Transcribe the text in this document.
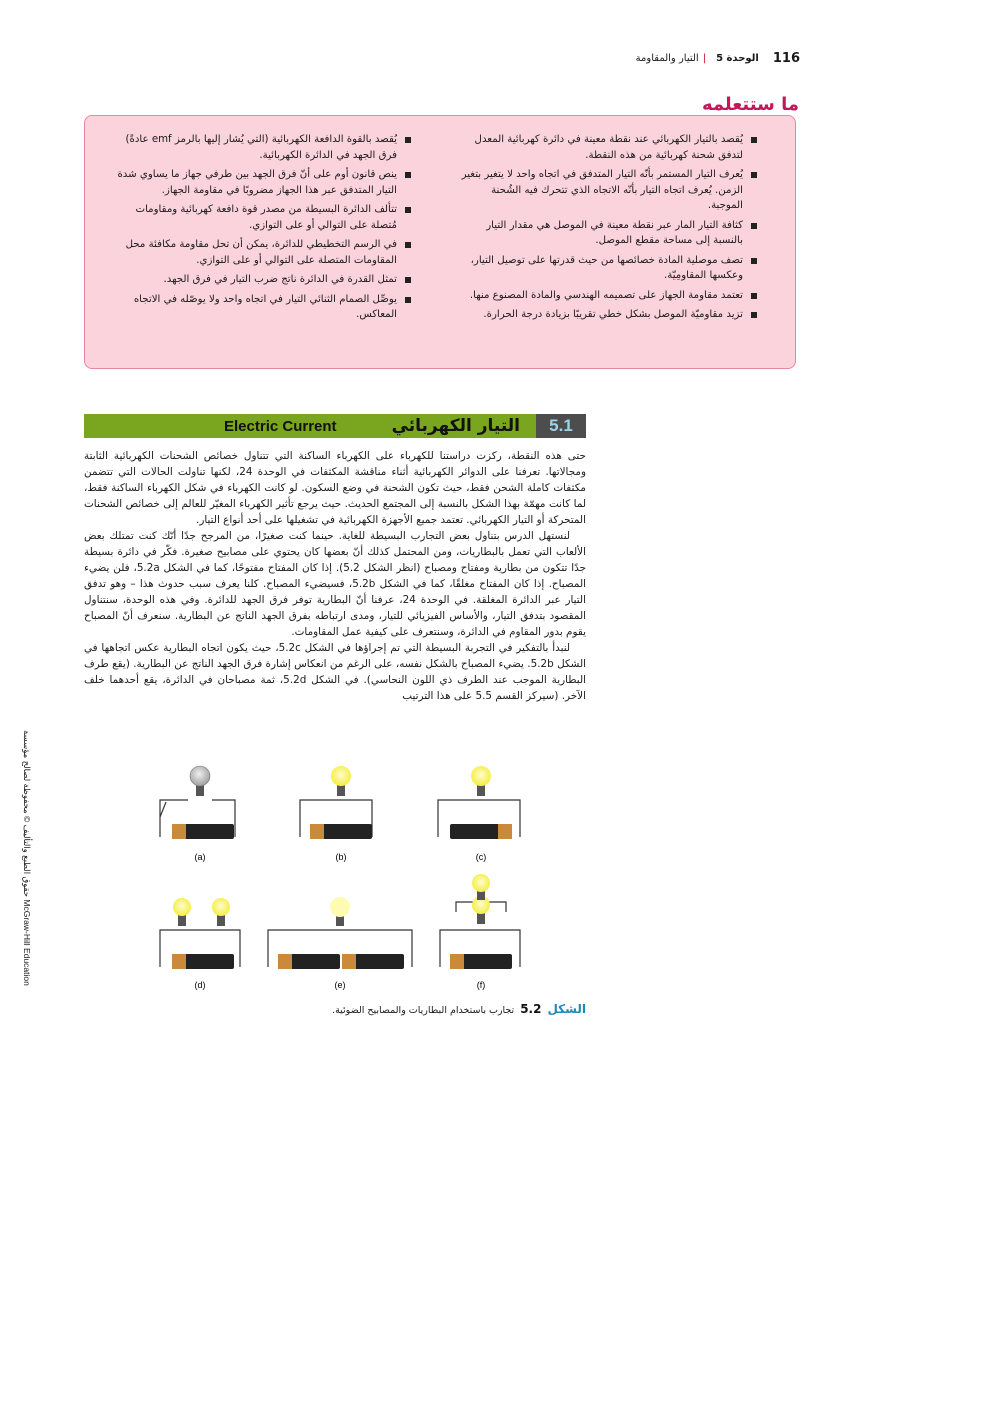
116
الوحدة 5
|
التيار والمقاومة
ما ستتعلمه
يُقصد بالتيار الكهربائي عند نقطة معينة في دائرة كهربائية المعدل لتدفق شحنة كهربائية من هذه النقطة.
يُعرف التيار المستمر بأنّه التيار المتدفق في اتجاه واحد لا يتغير بتغير الزمن. يُعرف اتجاه التيار بأنّه الاتجاه الذي تتحرك فيه الشُحنة الموجبة.
كثافة التيار المار عبر نقطة معينة في الموصل هي مقدار التيار بالنسبة إلى مساحة مقطع الموصل.
تصف موصلية المادة خصائصها من حيث قدرتها على توصيل التيار، وعكسها المقاومِيّة.
تعتمد مقاومة الجهاز على تصميمه الهندسي والمادة المصنوع منها.
تزيد مقاوميّة الموصل بشكل خطي تقريبًا بزيادة درجة الحرارة.
يُقصد بالقوة الدافعة الكهربائية (التي يُشار إليها بالرمز emf عادةً) فرق الجهد في الدائرة الكهربائية.
ينص قانون أوم على أنّ فرق الجهد بين طرفي جهاز ما يساوي شدة التيار المتدفق عبر هذا الجهاز مضروبًا في مقاومة الجهاز.
تتألف الدائرة البسيطة من مصدر قوة دافعة كهربائية ومقاومات مُتصلة على التوالي أو على التوازي.
في الرسم التخطيطي للدائرة، يمكن أن تحل مقاومة مكافئة محل المقاومات المتصلة على التوالي أو على التوازي.
تمثل القدرة في الدائرة ناتج ضرب التيار في فرق الجهد.
يوصِّل الصمام الثنائي التيار في اتجاه واحد ولا يوصّله في الاتجاه المعاكس.
Electric Current	التيار الكهربائي	5.1

حتى هذه النقطة، ركزت دراستنا للكهرباء على الكهرباء الساكنة التي تتناول خصائص الشحنات الكهربائية الثابتة ومجالاتها. تعرفنا على الدوائر الكهربائية أثناء مناقشة المكثفات في الوحدة 24، لكنها تناولت الحالات التي تتضمن مكثفات كاملة الشحن فقط، حيث تكون الشحنة في وضع السكون. لو كانت الكهرباء في شكل الكهرباء الساكنة فقط، لما كانت مهمّة بهذا الشكل بالنسبة إلى المجتمع الحديث. حيث يرجع تأثير الكهرباء المغيّر للعالم إلى خصائص الشحنات المتحركة أو التيار الكهربائي. تعتمد جميع الأجهزة الكهربائية في تشغيلها على أحد أنواع التيار.

لنستهل الدرس بتناول بعض التجارب البسيطة للغاية. حينما كنت صغيرًا، من المرجح جدًا أنّك كنت تمتلك بعض الألعاب التي تعمل بالبطاريات، ومن المحتمل كذلك أنّ بعضها كان يحتوي على مصابيح صغيرة. فكّر في دائرة بسيطة جدًا تتكون من بطارية ومفتاح ومصباح (انظر الشكل 5.2). إذا كان المفتاح مفتوحًا، كما في الشكل 5.2a، فلن يضيء المصباح. إذا كان المفتاح مغلقًا، كما في الشكل 5.2b، فسيضيء المصباح. كلنا يعرف سبب حدوث هذا – وهو تدفق التيار عبر الدائرة المغلقة. في الوحدة 24، عرفنا أنّ البطارية توفر فرق الجهد للدائرة. وفي هذه الوحدة، سنتناول المقصود بتدفق التيار، والأساس الفيزيائي للتيار، ومدى ارتباطه بفرق الجهد الناتج عن البطارية. سنعرف أنّ المصباح يقوم بدور المقاوم في الدائرة، وسنتعرف على كيفية عمل المقاومات.

لنبدأ بالتفكير في التجربة البسيطة التي تم إجراؤها في الشكل 5.2c، حيث يكون اتجاه البطارية عكس اتجاهها في الشكل 5.2b. يضيء المصباح بالشكل نفسه، على الرغم من انعكاس إشارة فرق الجهد الناتج عن البطارية. (يقع طرف البطارية الموجب عند الطرف ذي اللون النحاسي). في الشكل 5.2d، ثمة مصباحان في الدائرة، يقع أحدهما خلف الآخر. (سيركز القسم 5.5 على هذا الترتيب

حقوق الطبع والتأليف © محفوظة لصالح مؤسسة McGraw-Hill Education
(a)	(b)	(c)
(d)	(e)	(f)
الشكل5.2تجارب باستخدام البطاريات والمصابيح الضوئية.
